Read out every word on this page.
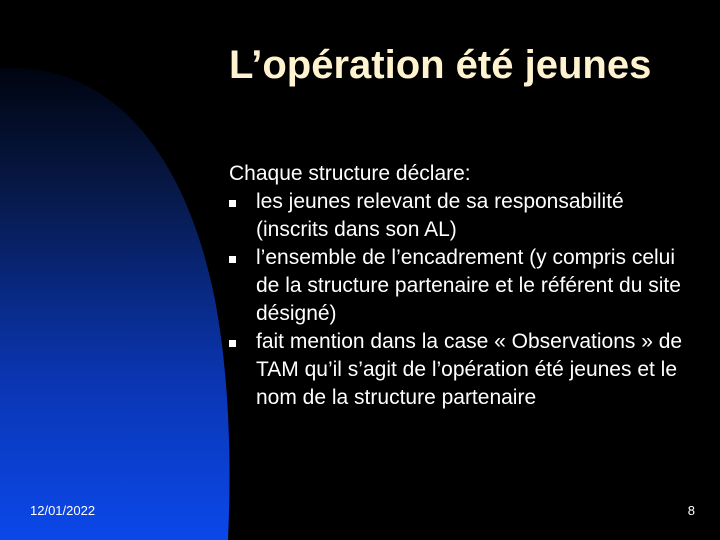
L’opération été jeunes

Chaque structure déclare:

les jeunes relevant de sa responsabilité (inscrits dans son AL)
l’ensemble de l’encadrement (y compris celui de la structure partenaire et le référent du site désigné)
fait mention dans la case « Observations » de TAM qu’il s’agit de l’opération été jeunes et le nom de la structure partenaire
12/01/2022	8
